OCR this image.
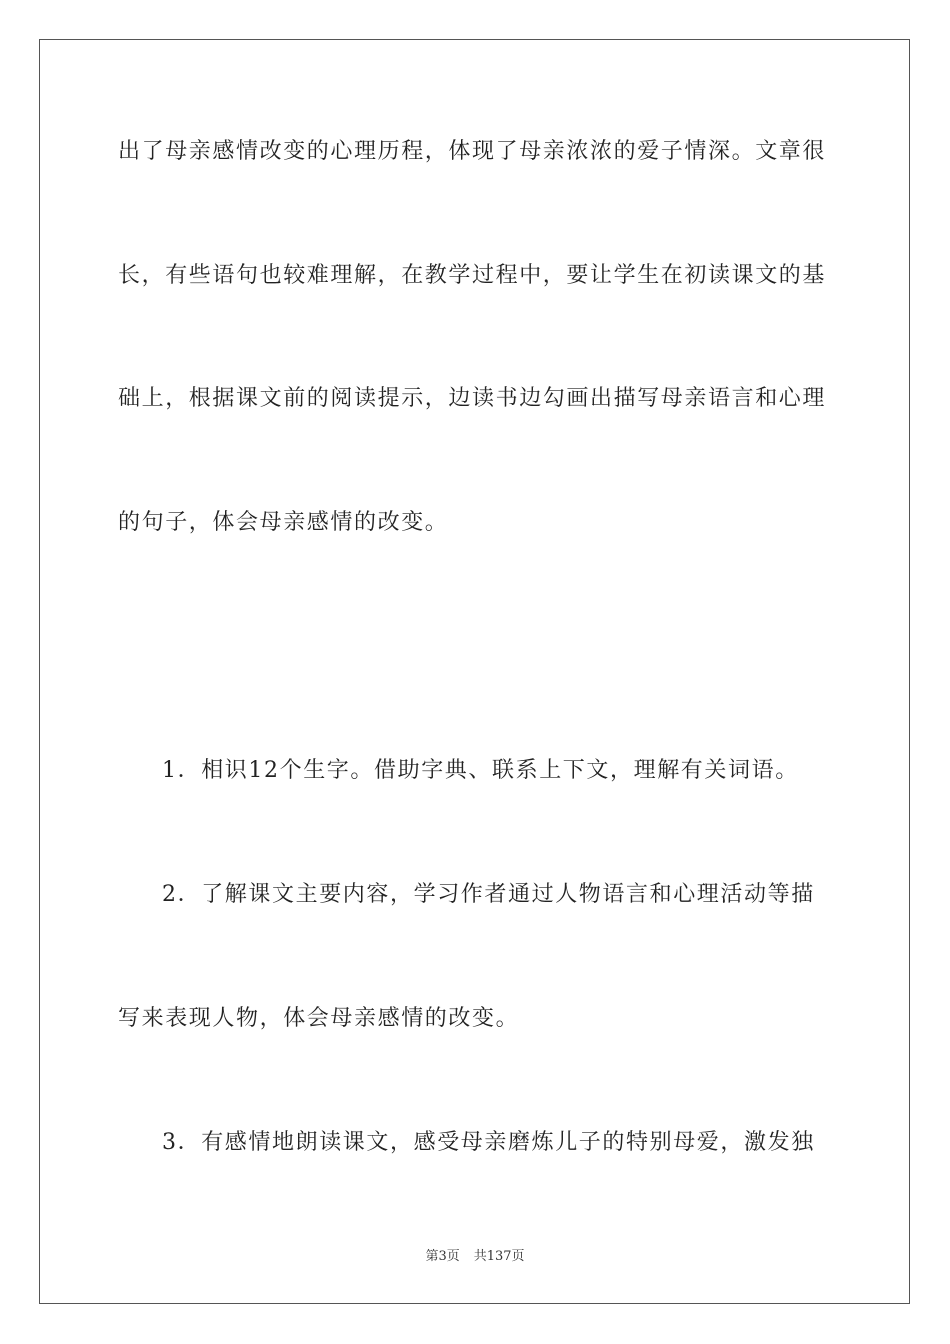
出了母亲感情改变的心理历程，体现了母亲浓浓的爱子情深。文章很
长，有些语句也较难理解，在教学过程中，要让学生在初读课文的基
础上，根据课文前的阅读提示，边读书边勾画出描写母亲语言和心理
的句子，体会母亲感情的改变。
1．相识12个生字。借助字典、联系上下文，理解有关词语。
2．了解课文主要内容，学习作者通过人物语言和心理活动等描
写来表现人物，体会母亲感情的改变。
3．有感情地朗读课文，感受母亲磨炼儿子的特别母爱，激发独
第3页 共137页
